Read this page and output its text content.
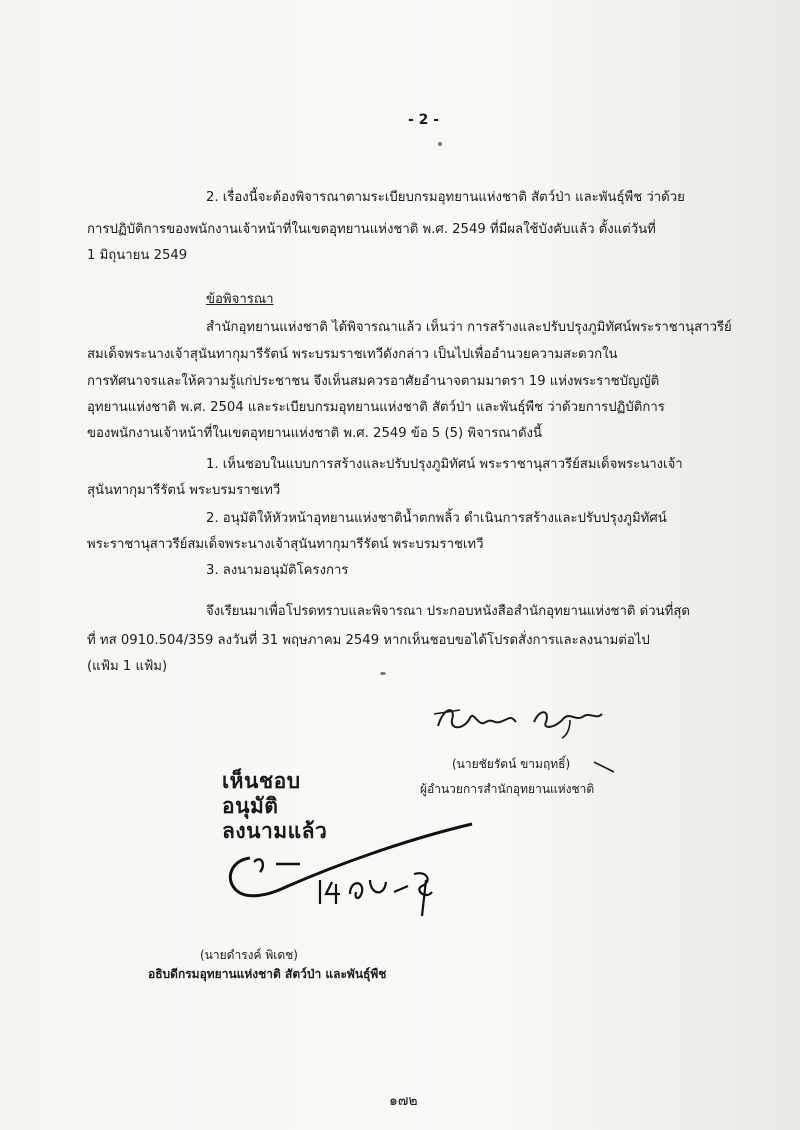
- 2 -
2. เรื่องนี้จะต้องพิจารณาตามระเบียบกรมอุทยานแห่งชาติ สัตว์ป่า และพันธุ์พืช ว่าด้วย
การปฏิบัติการของพนักงานเจ้าหน้าที่ในเขตอุทยานแห่งชาติ พ.ศ. 2549 ที่มีผลใช้บังคับแล้ว ตั้งแต่วันที่
1 มิถุนายน 2549
ข้อพิจารณา
สำนักอุทยานแห่งชาติ ได้พิจารณาแล้ว เห็นว่า การสร้างและปรับปรุงภูมิทัศน์พระราชานุสาวรีย์
สมเด็จพระนางเจ้าสุนันทากุมารีรัตน์ พระบรมราชเทวีดังกล่าว เป็นไปเพื่ออำนวยความสะดวกใน
การทัศนาจรและให้ความรู้แก่ประชาชน จึงเห็นสมควรอาศัยอำนาจตามมาตรา 19 แห่งพระราชบัญญัติ
อุทยานแห่งชาติ พ.ศ. 2504 และระเบียบกรมอุทยานแห่งชาติ สัตว์ป่า และพันธุ์พืช ว่าด้วยการปฏิบัติการ
ของพนักงานเจ้าหน้าที่ในเขตอุทยานแห่งชาติ พ.ศ. 2549 ข้อ 5 (5) พิจารณาดังนี้
1. เห็นชอบในแบบการสร้างและปรับปรุงภูมิทัศน์ พระราชานุสาวรีย์สมเด็จพระนางเจ้า
สุนันทากุมารีรัตน์ พระบรมราชเทวี
2. อนุมัติให้หัวหน้าอุทยานแห่งชาติน้ำตกพลิ้ว ดำเนินการสร้างและปรับปรุงภูมิทัศน์
พระราชานุสาวรีย์สมเด็จพระนางเจ้าสุนันทากุมารีรัตน์ พระบรมราชเทวี
3. ลงนามอนุมัติโครงการ
จึงเรียนมาเพื่อโปรดทราบและพิจารณา ประกอบหนังสือสำนักอุทยานแห่งชาติ ด่วนที่สุด
ที่ ทส 0910.504/359 ลงวันที่ 31 พฤษภาคม 2549 หากเห็นชอบขอได้โปรดสั่งการและลงนามต่อไป
(แฟ้ม 1 แฟ้ม)
(นายชัยรัตน์ ขามฤทธิ์)
ผู้อำนวยการสำนักอุทยานแห่งชาติ
เห็นชอบ
อนุมัติ
ลงนามแล้ว
(นายดำรงค์ พิเดช)
อธิบดีกรมอุทยานแห่งชาติ สัตว์ป่า และพันธุ์พืช
๑๗๒
